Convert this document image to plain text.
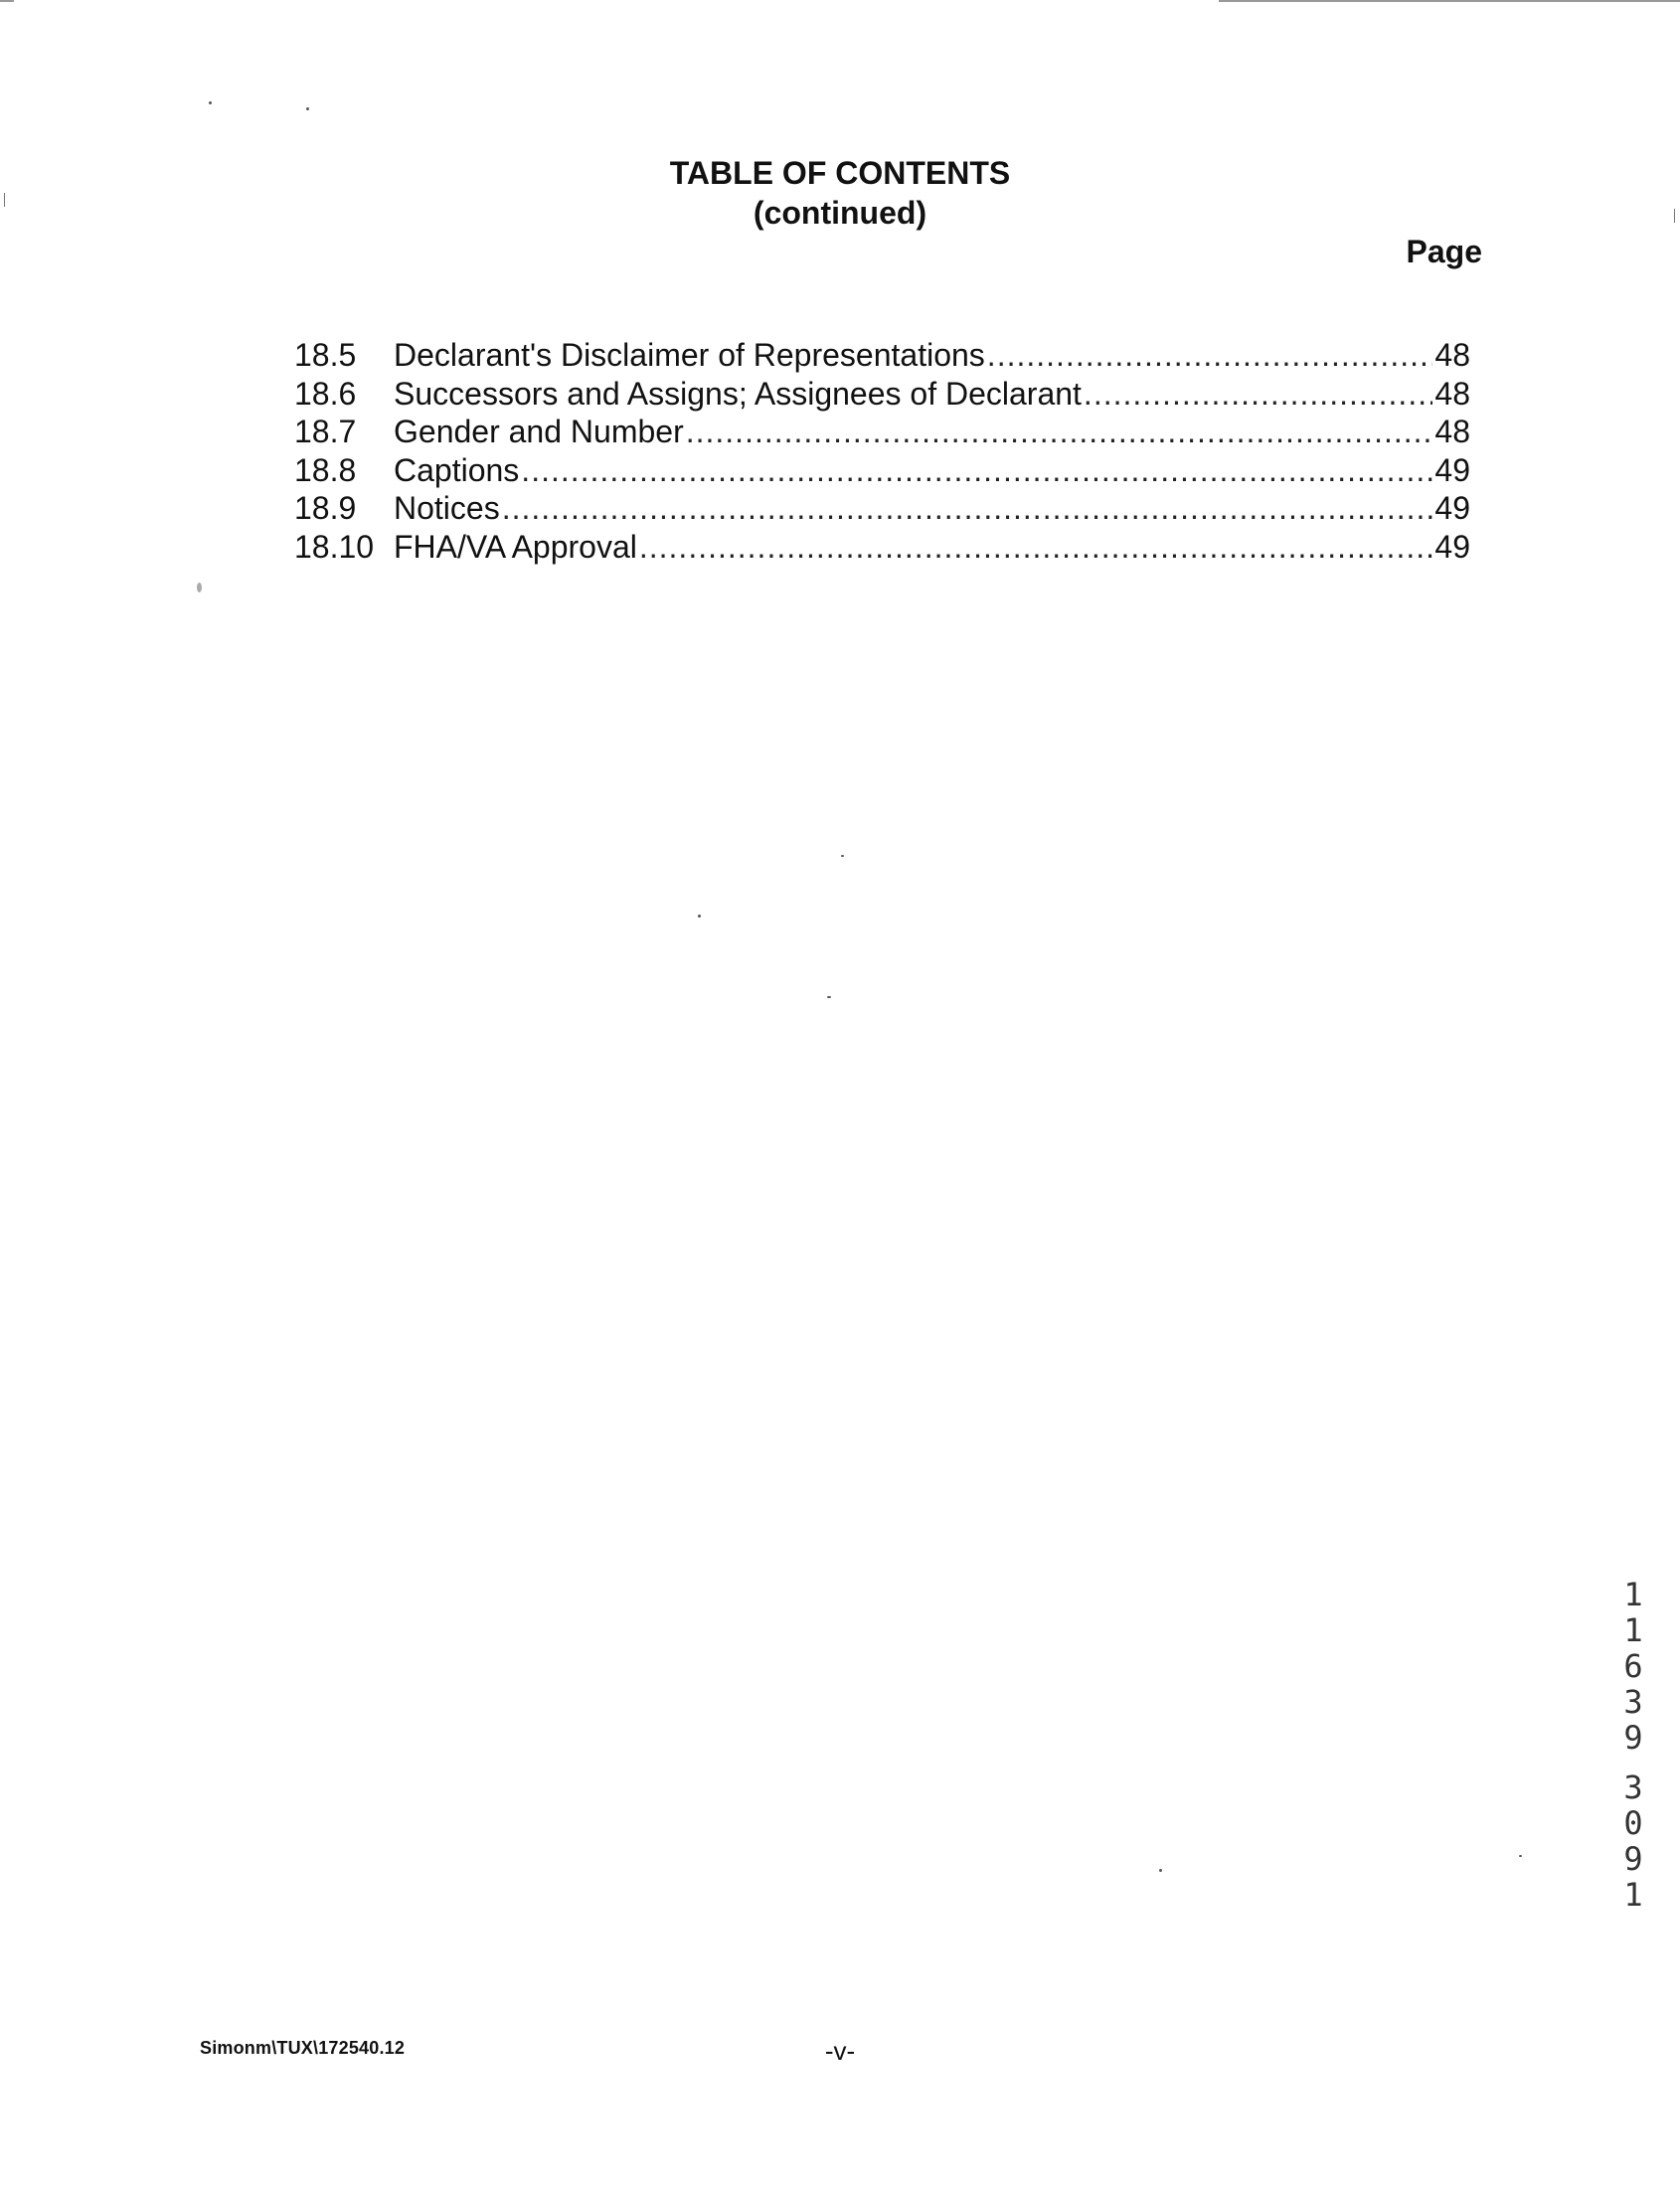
TABLE OF CONTENTS
(continued)
Page
18.5	Declarant's Disclaimer of Representations .....	48
18.6	Successors and Assigns; Assignees of Declarant .....	48
18.7	Gender and Number .....	48
18.8	Captions .....	49
18.9	Notices .....	49
18.10 FHA/VA Approval .....	49
1
1
6
3
9
3
0
9
1
Simonm\TUX\172540.12	-v-
